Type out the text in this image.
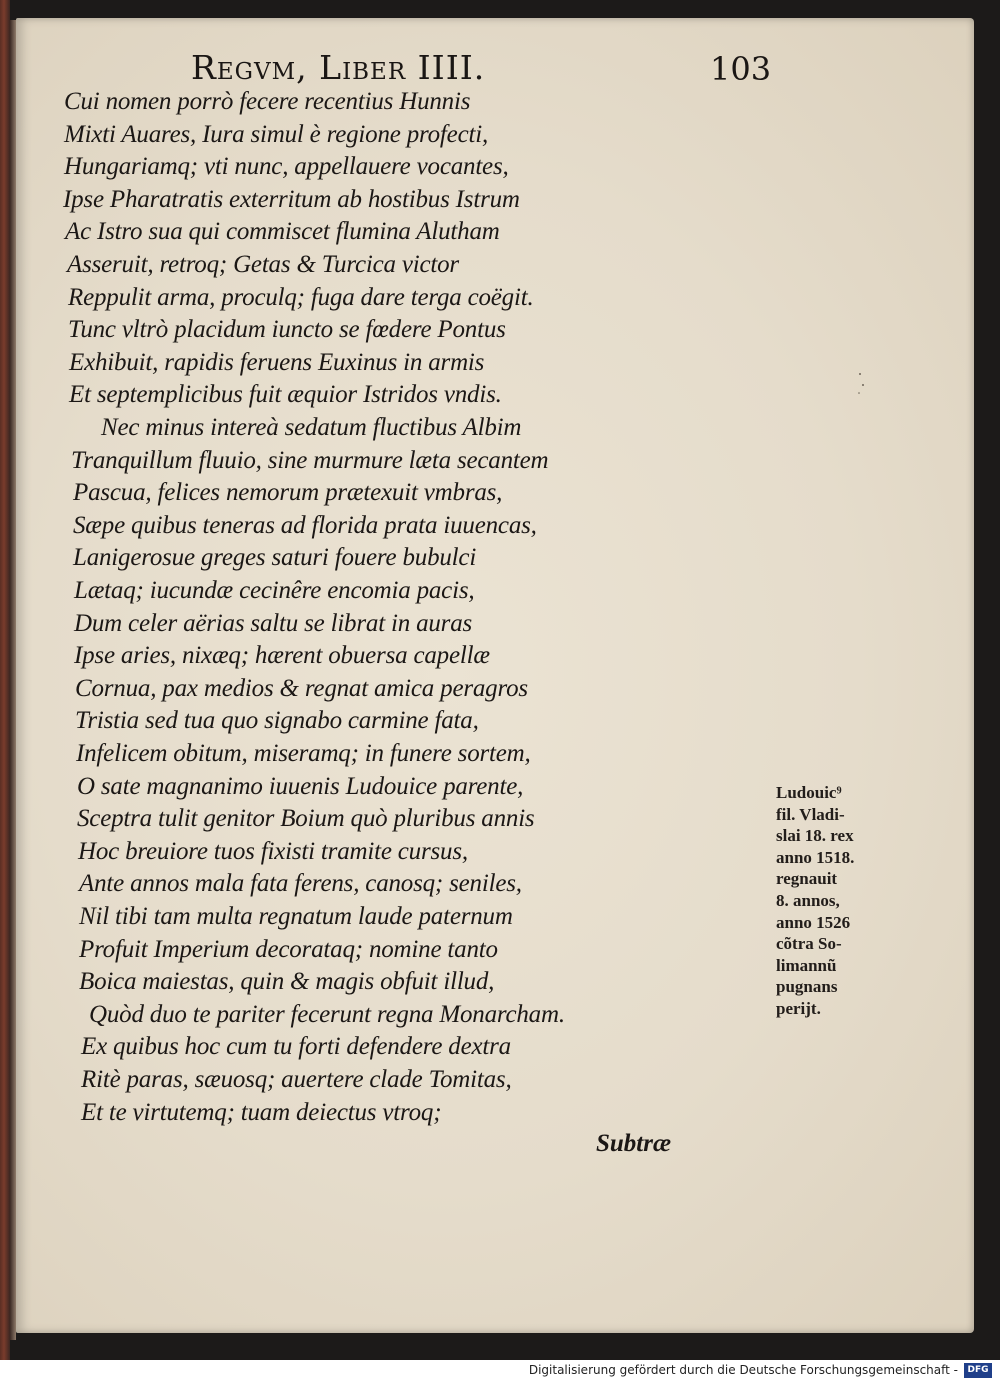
Regvm, Liber IIII.	103
Cui nomen porrò fecere recentius Hunnis
Mixti Auares, Iura simul è regione profecti,
Hungariamq; vti nunc, appellauere vocantes,
Ipse Pharatratis exterritum ab hostibus Istrum
Ac Istro sua qui commiscet flumina Alutham
Asseruit, retroq; Getas & Turcica victor
Reppulit arma, proculq; fuga dare terga coëgit.
Tunc vltrò placidum iuncto se fœdere Pontus
Exhibuit, rapidis feruens Euxinus in armis
Et septemplicibus fuit æquior Istridos vndis.
Nec minus intereà sedatum fluctibus Albim
Tranquillum fluuio, sine murmure læta secantem
Pascua, felices nemorum prætexuit vmbras,
Sæpe quibus teneras ad florida prata iuuencas,
Lanigerosue greges saturi fouere bubulci
Lætaq; iucundæ cecinêre encomia pacis,
Dum celer aërias saltu se librat in auras
Ipse aries, nixæq; hærent obuersa capellæ
Cornua, pax medios & regnat amica peragros
Tristia sed tua quo signabo carmine fata,
Infelicem obitum, miseramq; in funere sortem,
O sate magnanimo iuuenis Ludouice parente,
Sceptra tulit genitor Boium quò pluribus annis
Hoc breuiore tuos fixisti tramite cursus,
Ante annos mala fata ferens, canosq; seniles,
Nil tibi tam multa regnatum laude paternum
Profuit Imperium decorataq; nomine tanto
Boica maiestas, quin & magis obfuit illud,
Quòd duo te pariter fecerunt regna Monarcham.
Ex quibus hoc cum tu forti defendere dextra
Ritè paras, sæuosq; auertere clade Tomitas,
Et te virtutemq; tuam deiectus vtroq;
Ludouic⁹
fil. Vladi-
slai 18. rex
anno 1518.
regnauit
8. annos,
anno 1526
cõtra So-
limannũ
pugnans
perijt.
Subtræ
Digitalisierung gefördert durch die Deutsche Forschungsgemeinschaft -	DFG
